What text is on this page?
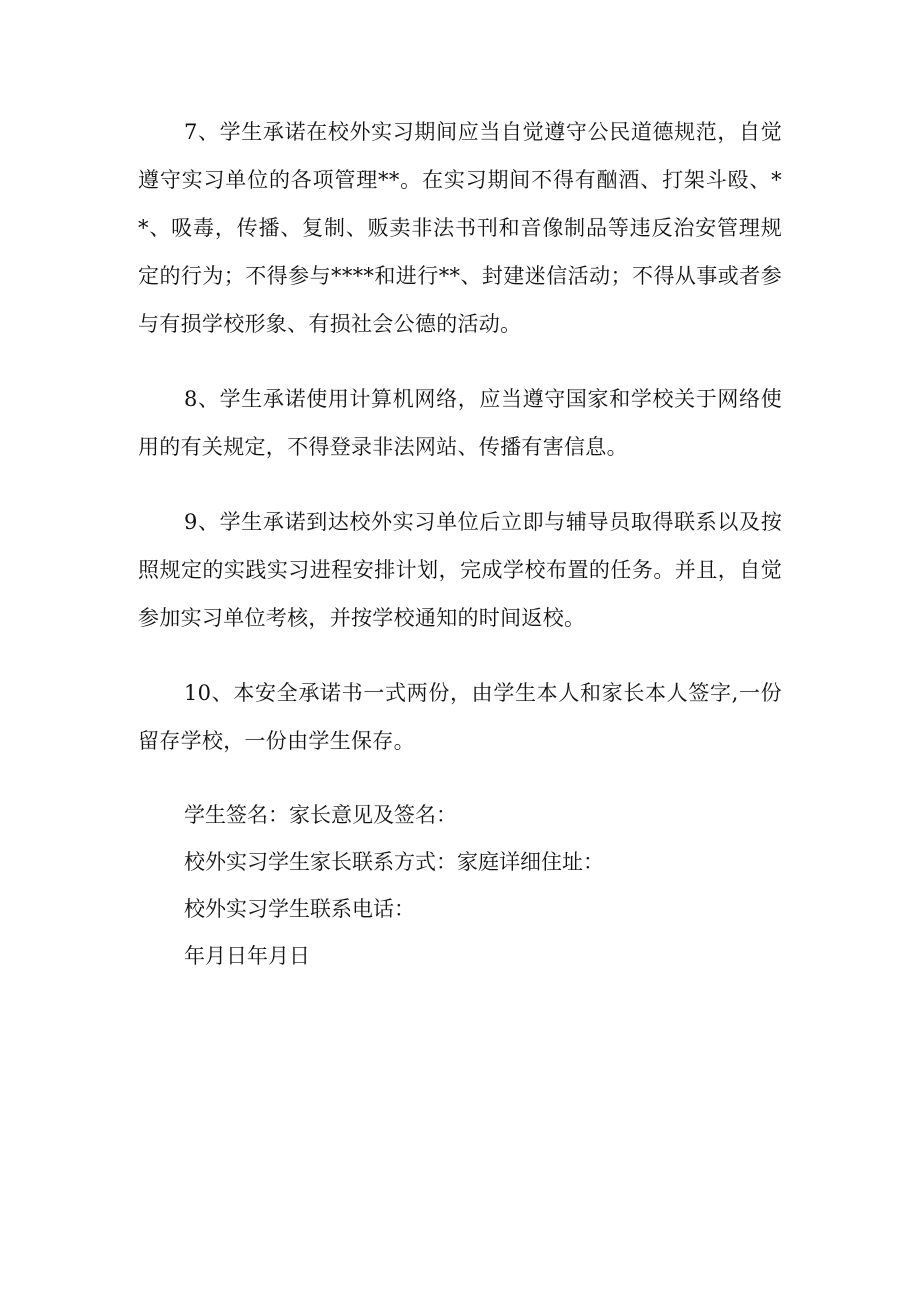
7、学生承诺在校外实习期间应当自觉遵守公民道德规范，自觉遵守实习单位的各项管理**。在实习期间不得有酗酒、打架斗殴、**、吸毒，传播、复制、贩卖非法书刊和音像制品等违反治安管理规定的行为；不得参与****和进行**、封建迷信活动；不得从事或者参与有损学校形象、有损社会公德的活动。

8、学生承诺使用计算机网络，应当遵守国家和学校关于网络使用的有关规定，不得登录非法网站、传播有害信息。

9、学生承诺到达校外实习单位后立即与辅导员取得联系以及按照规定的实践实习进程安排计划，完成学校布置的任务。并且，自觉参加实习单位考核，并按学校通知的时间返校。

10、本安全承诺书一式两份，由学生本人和家长本人签字,一份留存学校，一份由学生保存。

学生签名：家长意见及签名：

校外实习学生家长联系方式：家庭详细住址：

校外实习学生联系电话：

年月日年月日
